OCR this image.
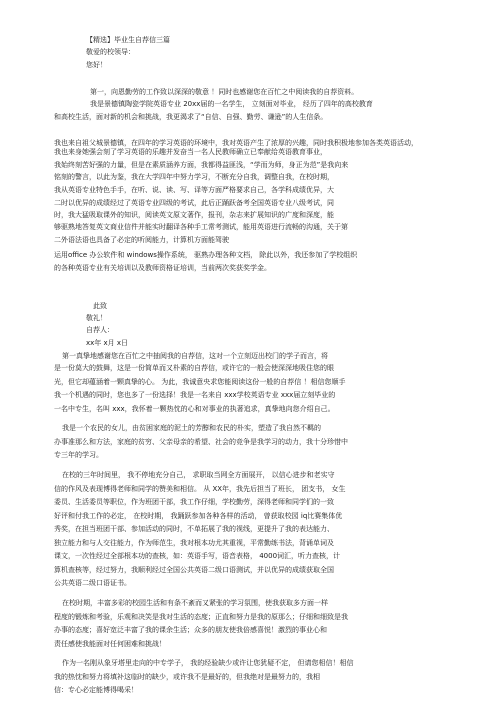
【精选】毕业生自荐信三篇
敬爱的校领导：
您好！
第一，向恩勤劳的工作致以深深的敬意 ！同时也感谢您在百忙之中阅读我的自荐资料。
我是景德镇陶瓷学院英语专业 20xx届的一名学生， 立刻面对毕业， 经历了四年的高校教育
和高校生活，面对新的机会和挑战，我更渴求了“自信、自强、勤劳、谦逊”的人生信条。
我也来自祖父城景德镇，在四年的学习英语的环境中，我对英语产生了浓厚的兴趣，同时我积极地参加各类英语活动，
我也来身她强会刻了学习英语的乐趣并发奋当一名人民教师确立已奉献给英语教育事业，
我始终刻苦好强的力量，但是在素质涵养方面，我都得益匪浅，“学而为师，身正为范”是我向来
铭刻的警言，以此为鉴，我在大学四年中努力学习，不断充分自我，调整自我，在校时期，
我从英语专业特色手手，在听、说、读、写、译等方面严格要求自己，各学科成绩优异，大
二时以优异的成绩经过了英语专业四级的考试，此后正踊跃备考全国英语专业八级考试，同
时，我大猛吸取课外的知识，阅读英文原文著作，报刊，杂志来扩展知识的广度和深度，能
够驱熟地答复英文商业信件并能实时翻译各种手工常考测试，能用英语进行流畅的沟通，关于第
二外语法语也具备了必定的听阅能力，计算机方面能驾驶
运用office 办公软件和 windows操作系统， 驱熟办理各种文档， 除此以外，我还参加了学校组织
的各种英语专业有关培训以及教师资格证培训，当前两次奖获奖学金。
此致
敬礼！
自荐人：
xx年 x月 x日
第一真挚地感谢您在百忙之中抽阅我的自荐信，这对一个立刻迈出校门的学子而言，将
是一份莫大的鼓舞，这是一份简单而又朴素的自荐信，或许它的一般会使深深地吸住您的眼
光，但它却蕴涵着一颗真挚的心。 为此，我诚意央求您能阅读这份一般的自荐信 ！相信您顺手
我一个机遇的同时，您也多了一份选择！我是一名来自 xxx学校英语专业 xxx届立刻毕业的
一名中专生，名叫 xxx，我怀着一颗热忱的心和对事业的执著追求，真挚地向您介绍自己。
我是一个农民的女儿，由贫困家庭的泥土的芳醇和农民的朴实，塑造了我自然不羁的
办事准那么和方法，家庭的贫穷、父亲母亲的希望、社会的竞争是我学习的动力，我十分珍惜中
专三年的学习。
在校的三年时间里， 我不停地充分自己， 求职取当网全方面展开， 以信心进步和老实守
信的作风及表现博得老师和同学的赞美和相信。 从 XX年，我先后担当了班长， 团支书， 女生
委员、生活委员等职位，作为班团干部，我工作仔细，学校勤劳，深得老师和同学们的一致
好评和付我工作的必定， 在校时期， 我踊跃参加各种各样的活动， 曾获取校园 iq比赛集体优
秀奖，在担当班团干部、参加活动的同时，不单拓展了我的视线，更提升了我的表达能力、
独立能力和与人交往能力，作为师范生，我对根本功尤其重视，平常勤练书法，背诵单词及
课文，一次性经过全部根本功的查核，如：英语手写，语音表格， 4000词汇，听力查核，计
算机查核等，经过努力，我顺利经过全国公共英语二级口语测试，并以优异的成绩获取全国
公共英语二级口语证书。
在校时期，丰富多彩的校园生活和有条不紊而又紧张的学习氛围，使我获取多方面一样
程度的锻炼和考验，乐观和决笑是我对生活的态度；正直和努力是我的原那么；仔细和细致是我
办事的态度；喜好宽泛丰富了我的课余生活；众多的朋友使我倍感喜悦！激烈的事业心和
责任感使我能面对任何困难和挑战！
作为一名刚从象牙塔里走向的中专学子， 我的经验缺少或许让您犹疑不定， 但请您相信！相信
我的热忱和努力将填补这临时的缺少，或许我不是最好的，但我绝对是最努力的，我相
信：专心必定能博得喝采！
